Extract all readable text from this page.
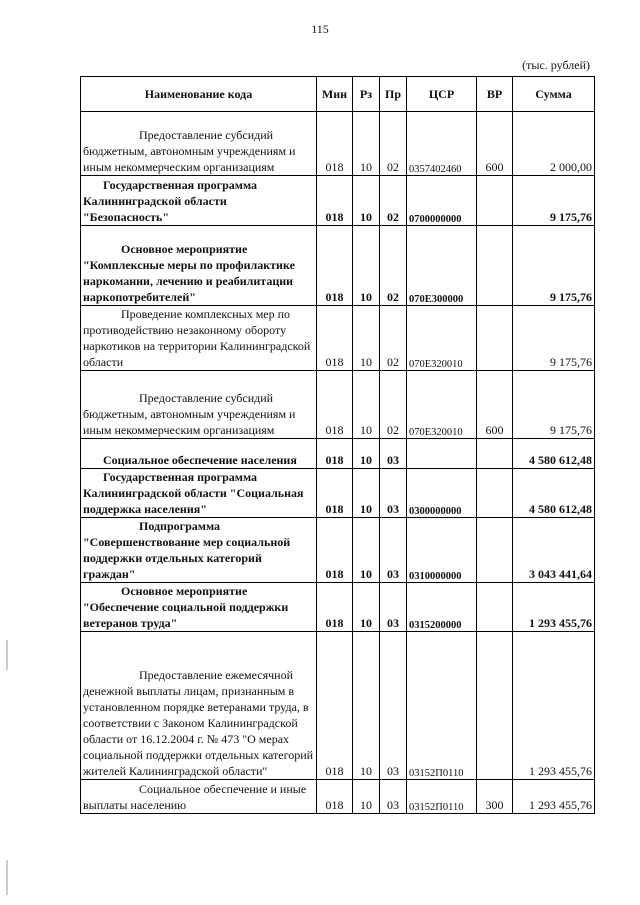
115
(тыс. рублей)
Наименование кода	Мин	Рз	Пр	ЦСР	ВР	Сумма
Предоставление субсидий бюджетным, автономным учреждениям и иным некоммерческим организациям	018	10	02	0357402460	600	2 000,00
Государственная программа Калининградской области "Безопасность"	018	10	02	0700000000		9 175,76
Основное мероприятие "Комплексные меры по профилактике наркомании, лечению и реабилитации наркопотребителей"	018	10	02	070Е300000		9 175,76
Проведение комплексных мер по противодействию незаконному обороту наркотиков на территории Калининградской области	018	10	02	070Е320010		9 175,76
Предоставление субсидий бюджетным, автономным учреждениям и иным некоммерческим организациям	018	10	02	070Е320010	600	9 175,76
Социальное обеспечение населения	018	10	03			4 580 612,48
Государственная программа Калининградской области "Социальная поддержка населения"	018	10	03	0300000000		4 580 612,48
Подпрограмма "Совершенствование мер социальной поддержки отдельных категорий граждан"	018	10	03	0310000000		3 043 441,64
Основное мероприятие "Обеспечение социальной поддержки ветеранов труда"	018	10	03	0315200000		1 293 455,76
Предоставление ежемесячной денежной выплаты лицам, признанным в установленном порядке ветеранами труда, в соответствии с Законом Калининградской области от 16.12.2004 г. № 473 "О мерах социальной поддержки отдельных категорий жителей Калининградской области"	018	10	03	03152П0110		1 293 455,76
Социальное обеспечение и иные выплаты населению	018	10	03	03152П0110	300	1 293 455,76
